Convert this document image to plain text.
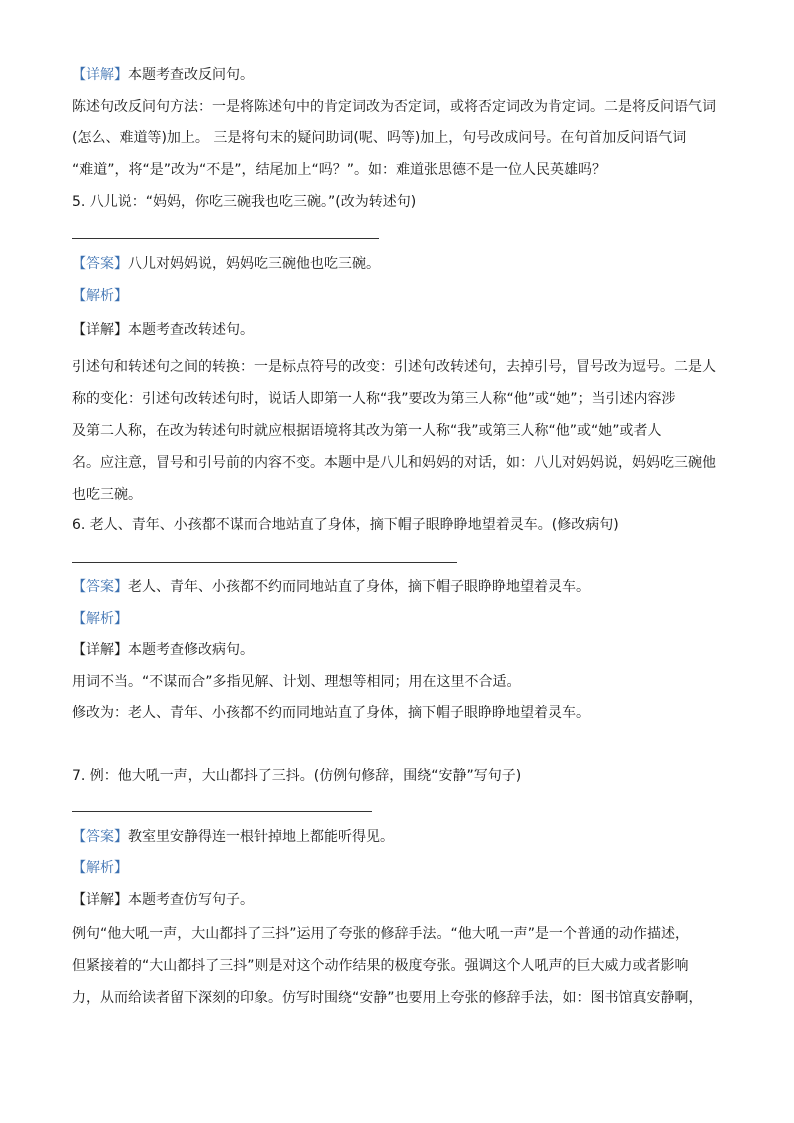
【详解】本题考查改反问句。
陈述句改反问句方法：一是将陈述句中的肯定词改为否定词，或将否定词改为肯定词。二是将反问语气词
(怎么、难道等)加上。 三是将句末的疑问助词(呢、吗等)加上，句号改成问号。在句首加反问语气词
“难道”，将“是”改为“不是”，结尾加上“吗？”。如：难道张思德不是一位人民英雄吗？
5. 八儿说：“妈妈，你吃三碗我也吃三碗。”(改为转述句)
【答案】八儿对妈妈说，妈妈吃三碗他也吃三碗。
【解析】
【详解】本题考查改转述句。
引述句和转述句之间的转换：一是标点符号的改变：引述句改转述句，去掉引号，冒号改为逗号。二是人
称的变化：引述句改转述句时，说话人即第一人称“我”要改为第三人称“他”或“她”；当引述内容涉
及第二人称，在改为转述句时就应根据语境将其改为第一人称“我”或第三人称“他”或“她”或者人
名。应注意，冒号和引号前的内容不变。本题中是八儿和妈妈的对话，如：八儿对妈妈说，妈妈吃三碗他
也吃三碗。
6. 老人、青年、小孩都不谋而合地站直了身体，摘下帽子眼睁睁地望着灵车。(修改病句)
【答案】老人、青年、小孩都不约而同地站直了身体，摘下帽子眼睁睁地望着灵车。
【解析】
【详解】本题考查修改病句。
用词不当。“不谋而合”多指见解、计划、理想等相同；用在这里不合适。
修改为：老人、青年、小孩都不约而同地站直了身体，摘下帽子眼睁睁地望着灵车。
7. 例：他大吼一声，大山都抖了三抖。(仿例句修辞，围绕“安静”写句子)
【答案】教室里安静得连一根针掉地上都能听得见。
【解析】
【详解】本题考查仿写句子。
例句“他大吼一声，大山都抖了三抖”运用了夸张的修辞手法。“他大吼一声”是一个普通的动作描述，
但紧接着的“大山都抖了三抖”则是对这个动作结果的极度夸张。强调这个人吼声的巨大威力或者影响
力，从而给读者留下深刻的印象。仿写时围绕“安静”也要用上夸张的修辞手法，如：图书馆真安静啊，
